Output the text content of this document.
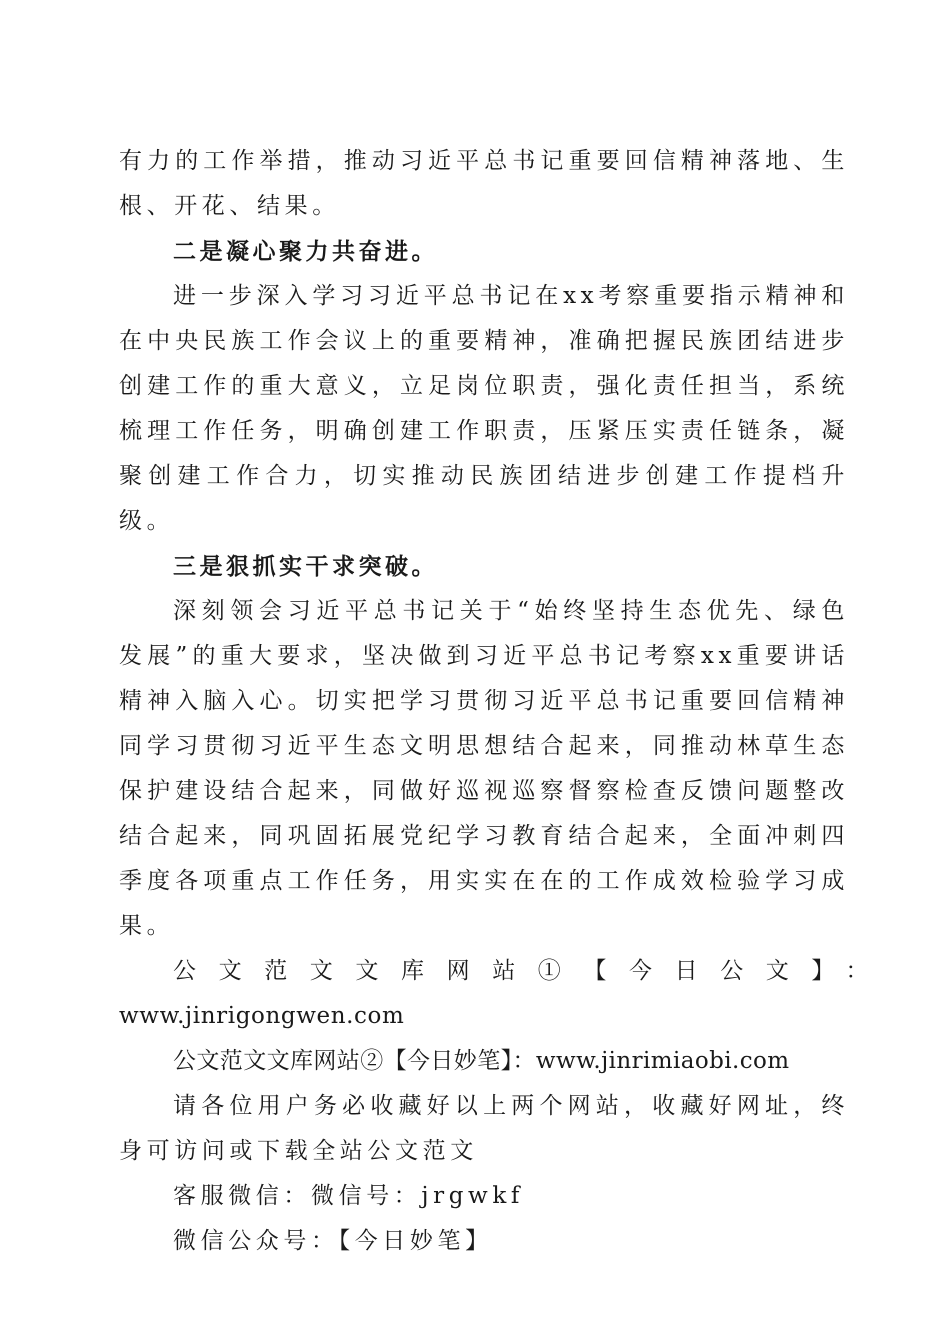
有力的工作举措，推动习近平总书记重要回信精神落地、生根、开花、结果。

二是凝心聚力共奋进。

进一步深入学习习近平总书记在xx考察重要指示精神和在中央民族工作会议上的重要精神，准确把握民族团结进步创建工作的重大意义，立足岗位职责，强化责任担当，系统梳理工作任务，明确创建工作职责，压紧压实责任链条，凝聚创建工作合力，切实推动民族团结进步创建工作提档升级。

三是狠抓实干求突破。

深刻领会习近平总书记关于“始终坚持生态优先、绿色发展”的重大要求，坚决做到习近平总书记考察xx重要讲话精神入脑入心。切实把学习贯彻习近平总书记重要回信精神同学习贯彻习近平生态文明思想结合起来，同推动林草生态保护建设结合起来，同做好巡视巡察督察检查反馈问题整改结合起来，同巩固拓展党纪学习教育结合起来，全面冲刺四季度各项重点工作任务，用实实在在的工作成效检验学习成果。

公文范文文库网站①【今日公文】：

www.jinrigongwen.com

公文范文文库网站②【今日妙笔】：www.jinrimiaobi.com

请各位用户务必收藏好以上两个网站，收藏好网址，终身可访问或下载全站公文范文

客服微信：微信号：jrgwkf

微信公众号：【今日妙笔】
